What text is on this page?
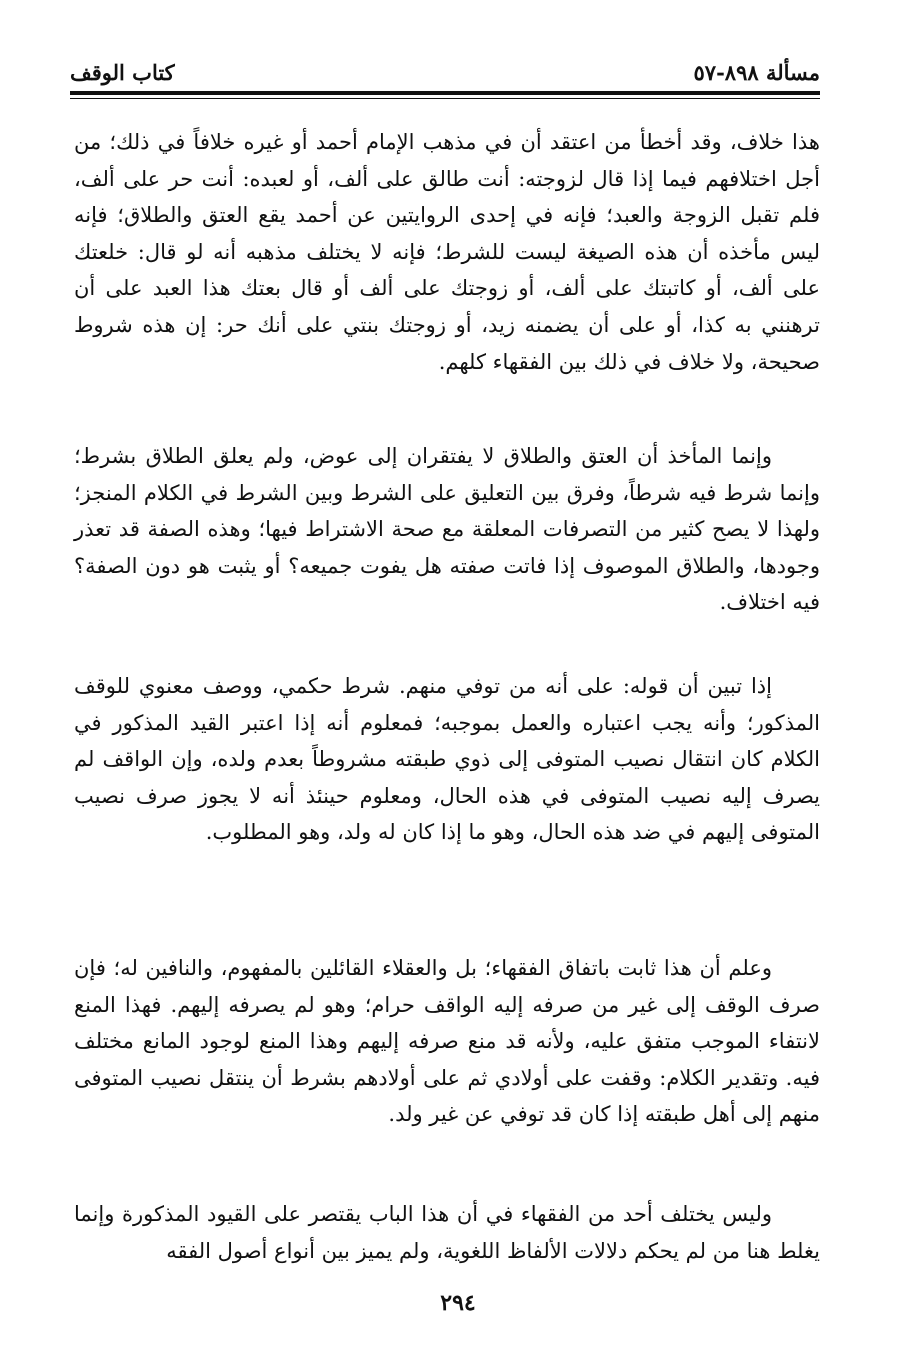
مسألة ٨٩٨-٥٧
كتاب الوقف

هذا خلاف، وقد أخطأ من اعتقد أن في مذهب الإمام أحمد أو غيره خلافاً في ذلك؛ من أجل اختلافهم فيما إذا قال لزوجته: أنت طالق على ألف، أو لعبده: أنت حر على ألف، فلم تقبل الزوجة والعبد؛ فإنه في إحدى الروايتين عن أحمد يقع العتق والطلاق؛ فإنه ليس مأخذه أن هذه الصيغة ليست للشرط؛ فإنه لا يختلف مذهبه أنه لو قال: خلعتك على ألف، أو كاتبتك على ألف، أو زوجتك على ألف أو قال بعتك هذا العبد على أن ترهنني به كذا، أو على أن يضمنه زيد، أو زوجتك بنتي على أنك حر: إن هذه شروط صحيحة، ولا خلاف في ذلك بين الفقهاء كلهم.

وإنما المأخذ أن العتق والطلاق لا يفتقران إلى عوض، ولم يعلق الطلاق بشرط؛ وإنما شرط فيه شرطاً، وفرق بين التعليق على الشرط وبين الشرط في الكلام المنجز؛ ولهذا لا يصح كثير من التصرفات المعلقة مع صحة الاشتراط فيها؛ وهذه الصفة قد تعذر وجودها، والطلاق الموصوف إذا فاتت صفته هل يفوت جميعه؟ أو يثبت هو دون الصفة؟ فيه اختلاف.

إذا تبين أن قوله: على أنه من توفي منهم. شرط حكمي، ووصف معنوي للوقف المذكور؛ وأنه يجب اعتباره والعمل بموجبه؛ فمعلوم أنه إذا اعتبر القيد المذكور في الكلام كان انتقال نصيب المتوفى إلى ذوي طبقته مشروطاً بعدم ولده، وإن الواقف لم يصرف إليه نصيب المتوفى في هذه الحال، ومعلوم حينئذ أنه لا يجوز صرف نصيب المتوفى إليهم في ضد هذه الحال، وهو ما إذا كان له ولد، وهو المطلوب.

وعلم أن هذا ثابت باتفاق الفقهاء؛ بل والعقلاء القائلين بالمفهوم، والنافين له؛ فإن صرف الوقف إلى غير من صرفه إليه الواقف حرام؛ وهو لم يصرفه إليهم. فهذا المنع لانتفاء الموجب متفق عليه، ولأنه قد منع صرفه إليهم وهذا المنع لوجود المانع مختلف فيه. وتقدير الكلام: وقفت على أولادي ثم على أولادهم بشرط أن ينتقل نصيب المتوفى منهم إلى أهل طبقته إذا كان قد توفي عن غير ولد.

وليس يختلف أحد من الفقهاء في أن هذا الباب يقتصر على القيود المذكورة وإنما يغلط هنا من لم يحكم دلالات الألفاظ اللغوية، ولم يميز بين أنواع أصول الفقه

٢٩٤
